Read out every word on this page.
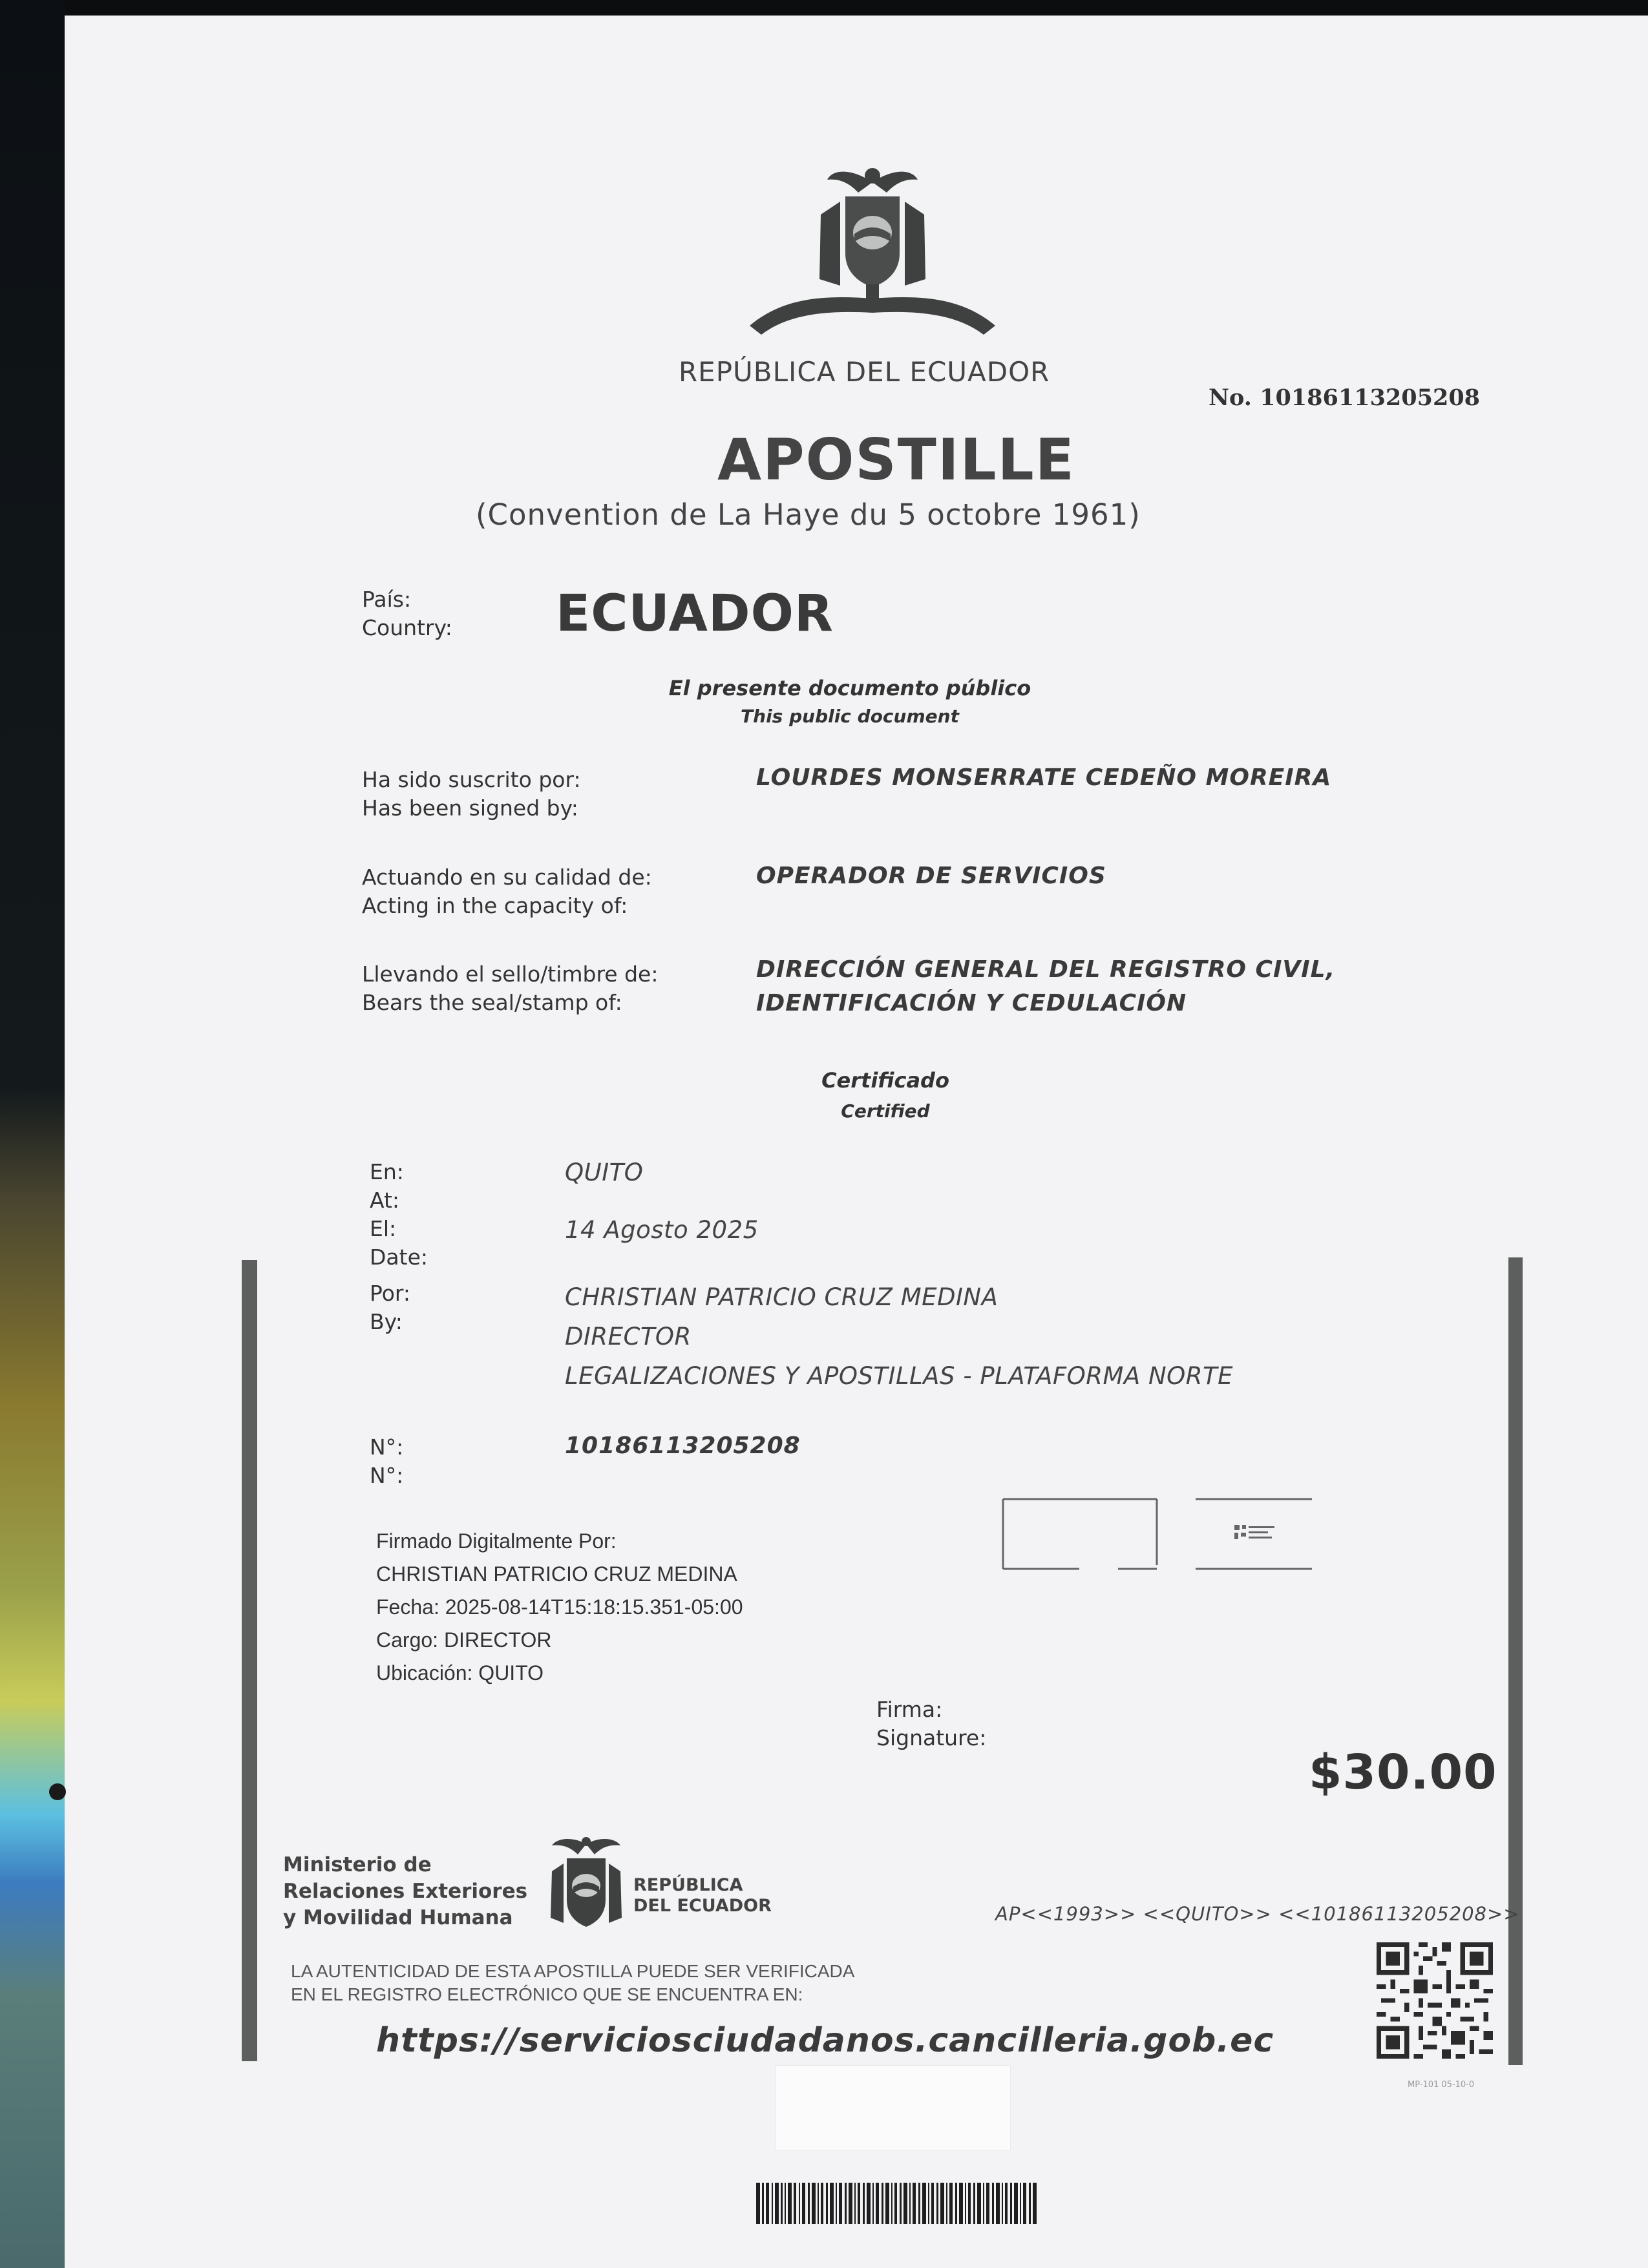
REPÚBLICA DEL ECUADOR
No. 10186113205208
APOSTILLE
(Convention de La Haye du 5 octobre 1961)
País:
Country: ECUADOR
El presente documento público
This public document
Ha sido suscrito por:
Has been signed by:
LOURDES MONSERRATE CEDEÑO MOREIRA
Actuando en su calidad de:
Acting in the capacity of:
OPERADOR DE SERVICIOS
Llevando el sello/timbre de:
Bears the seal/stamp of:
DIRECCIÓN GENERAL DEL REGISTRO CIVIL,
IDENTIFICACIÓN Y CEDULACIÓN
Certificado
Certified
En:
At:
QUITO
El:
Date:
14 Agosto 2025
Por:
By:
CHRISTIAN PATRICIO CRUZ MEDINA
DIRECTOR
LEGALIZACIONES Y APOSTILLAS - PLATAFORMA NORTE
N°:
N°:
10186113205208
Firmado Digitalmente Por:
CHRISTIAN PATRICIO CRUZ MEDINA
Fecha: 2025-08-14T15:18:15.351-05:00
Cargo: DIRECTOR
Ubicación: QUITO
Firma:
Signature:
$30.00
Ministerio de
Relaciones Exteriores
y Movilidad Humana
REPÚBLICA
DEL ECUADOR	AP<<1993>> <<QUITO>> <<10186113205208>>
LA AUTENTICIDAD DE ESTA APOSTILLA PUEDE SER VERIFICADA
EN EL REGISTRO ELECTRÓNICO QUE SE ENCUENTRA EN:
https://serviciosciudadanos.cancilleria.gob.ec
MP-101 05-10-0
